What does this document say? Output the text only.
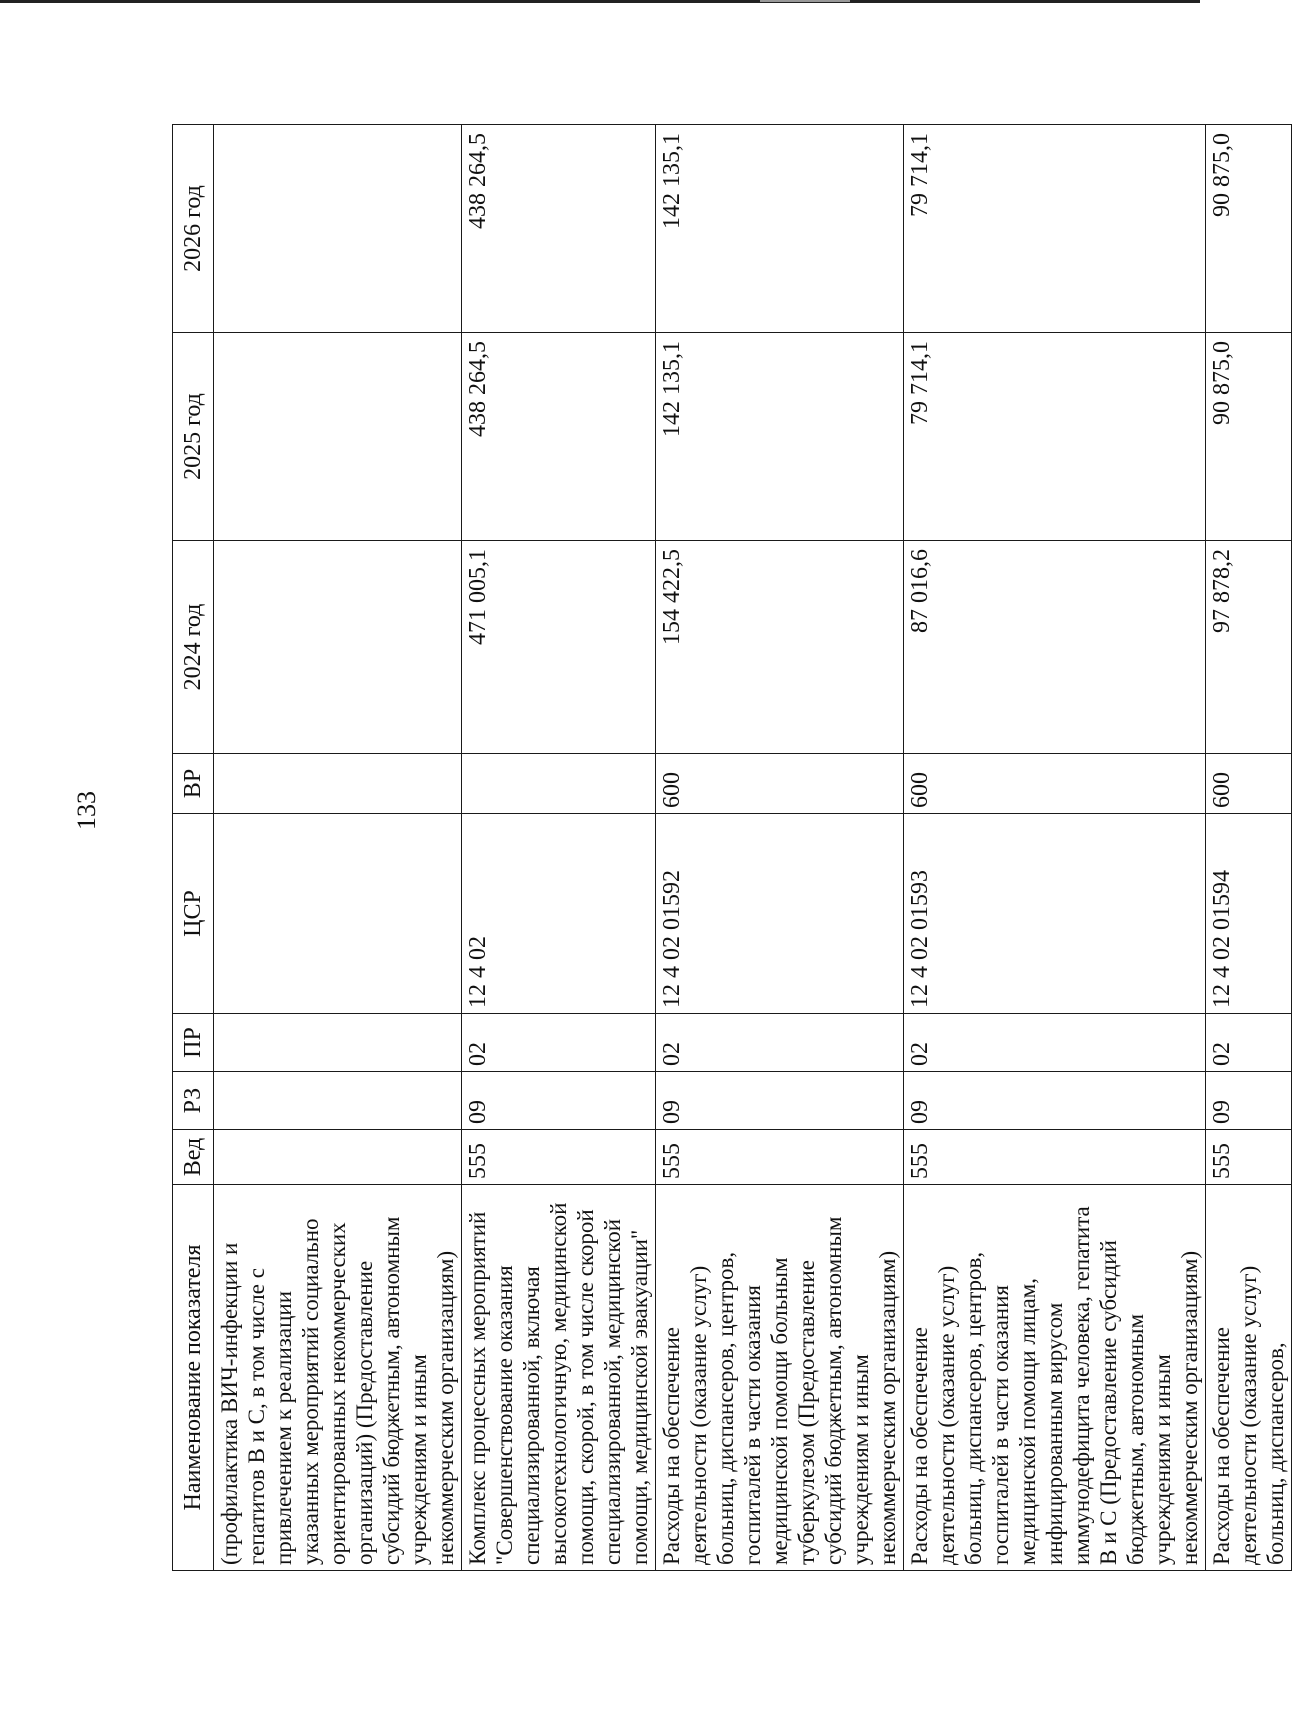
133
Наименование показателя	Вед	РЗ	ПР	ЦСР	ВР	2024 год	2025 год	2026 год
(профилактика ВИЧ-инфекции и гепатитов В и С, в том числе с привлечением к реализации указанных мероприятий социально ориентированных некоммерческих организаций) (Предоставление субсидий бюджетным, автономным учреждениям и иным некоммерческим организациям)								
Комплекс процессных мероприятий "Совершенствование оказания специализированной, включая высокотехнологичную, медицинской помощи, скорой, в том числе скорой специализированной, медицинской помощи, медицинской эвакуации"	555	09	02	12 4 02		471 005,1	438 264,5	438 264,5
Расходы на обеспечение деятельности (оказание услуг) больниц, диспансеров, центров, госпиталей в части оказания медицинской помощи больным туберкулезом (Предоставление субсидий бюджетным, автономным учреждениям и иным некоммерческим организациям)	555	09	02	12 4 02 01592	600	154 422,5	142 135,1	142 135,1
Расходы на обеспечение деятельности (оказание услуг) больниц, диспансеров, центров, госпиталей в части оказания медицинской помощи лицам, инфицированным вирусом иммунодефицита человека, гепатита В и С (Предоставление субсидий бюджетным, автономным учреждениям и иным некоммерческим организациям)	555	09	02	12 4 02 01593	600	87 016,6	79 714,1	79 714,1
Расходы на обеспечение деятельности (оказание услуг) больниц, диспансеров,	555	09	02	12 4 02 01594	600	97 878,2	90 875,0	90 875,0
